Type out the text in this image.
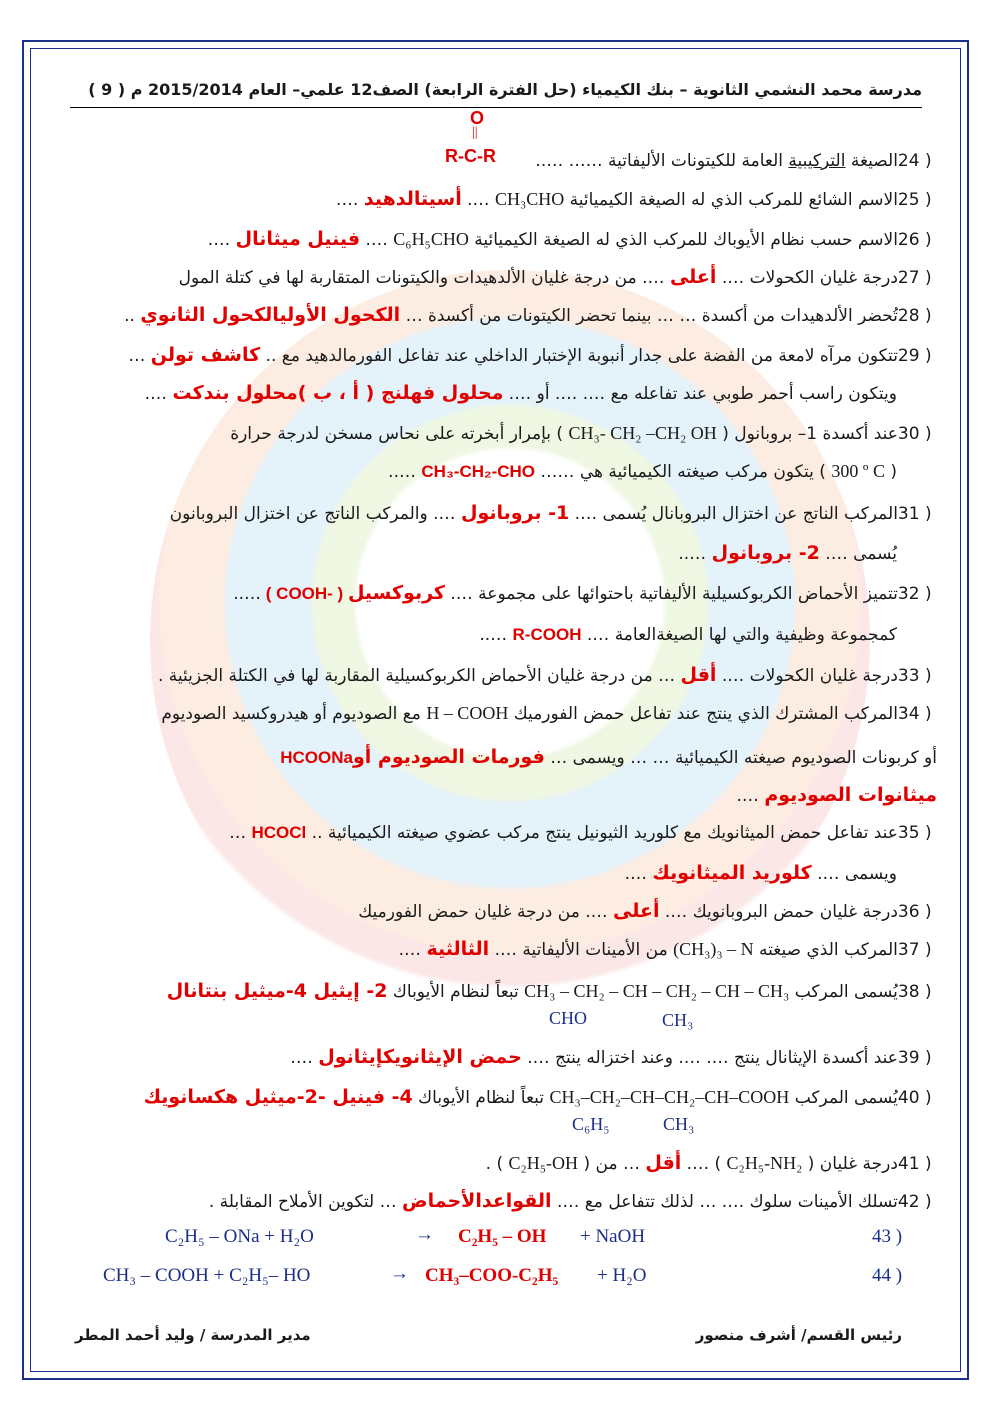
مدرسة محمد النشمي الثانوية – بنك الكيمياء (حل الفترة الرابعة) الصف12 علمي– العام 2015/2014 م ( 9 )
O
||
R-C-R	24 ) الصيغة التركيبية العامة للكيتونات الأليفاتية …… …..
25 ) الاسم الشائع للمركب الذي له الصيغة الكيميائية CH₃CHO …. أسيتالدهيد ….
26 ) الاسم حسب نظام الأيوباك للمركب الذي له الصيغة الكيميائية C₆H₅CHO …. فينيل ميثانال ….
27 ) درجة غليان الكحولات …. أعلى …. من درجة غليان الألدهيدات والكيتونات المتقاربة لها في كتلة المول
28 ) تُحضر الألدهيدات من أكسدة … … بينما تحضر الكيتونات من أكسدة … الكحول الأوليالكحول الثانوي ..
29 ) تتكون مرآه لامعة من الفضة على جدار أنبوبة الإختبار الداخلي عند تفاعل الفورمالدهيد مع .. كاشف تولن …
ويتكون راسب أحمر طوبي عند تفاعله مع …. …. أو …. محلول فهلنج ( أ ، ب )محلول بندكت ….
30 ) عند أكسدة 1– بروبانول ( CH₃- CH₂ –CH₂ OH ) بإمرار أبخرته على نحاس مسخن لدرجة حرارة
( 300 º C ) يتكون مركب صيغته الكيميائية هي …… CH₃-CH₂-CHO …..
31 ) المركب الناتج عن اختزال البروبانال يُسمى …. 1- بروبانول …. والمركب الناتج عن اختزال البروبانون
يُسمى …. 2- بروبانول …..
32 ) تتميز الأحماض الكربوكسيلية الأليفاتية باحتوائها على مجموعة …. كربوكسيل ( COOH- ) …..
كمجموعة وظيفية والتي لها الصيغةالعامة …. R-COOH …..
33 ) درجة غليان الكحولات …. أقل … من درجة غليان الأحماض الكربوكسيلية المقاربة لها في الكتلة الجزيئية .
34 ) المركب المشترك الذي ينتج عند تفاعل حمض الفورميك H – COOH مع الصوديوم أو هيدروكسيد الصوديوم
أو كربونات الصوديوم صيغته الكيميائية … … ويسمى … فورمات الصوديوم أوHCOONa
ميثانوات الصوديوم ….
35 ) عند تفاعل حمض الميثانويك مع كلوريد الثيونيل ينتج مركب عضوي صيغته الكيميائية .. HCOCl …
ويسمى …. كلوريد الميثانويك ….
36 ) درجة غليان حمض البروبانويك …. أعلى …. من درجة غليان حمض الفورميك
37 ) المركب الذي صيغته (CH₃)₃ – N من الأمينات الأليفاتية …. الثالثية ….
38 ) يُسمى المركب CH₃ – CH₂ – CH – CH₂ – CH – CH₃ تبعاً لنظام الأيوباك 2- إيثيل 4-ميثيل بنتانال
39 ) عند أكسدة الإيثانال ينتج …. …. وعند اختزاله ينتج …. حمض الإيثانويكإيثانول ….
40 ) يُسمى المركب CH₃–CH₂–CH–CH₂–CH–COOH تبعاً لنظام الأيوباك 4- فينيل -2-ميثيل هكسانويك
41 ) درجة غليان ( C₂H₅-NH₂ ) …. أقل … من ( C₂H₅-OH ) .
42 ) تسلك الأمينات سلوك …. … لذلك تتفاعل مع …. القواعدالأحماض … لتكوين الأملاح المقابلة .
CHO	CH₃
C₆H₅	CH₃
43 )
C₂H₅ – ONa + H₂O	→ C₂H₅ – OH + NaOH
44 )
CH₃ – COOH + C₂H₅– HO	→ CH₃–COO-C₂H₅ + H₂O
مدير المدرسة / وليد أحمد المطر	رئيس القسم/ أشرف منصور
